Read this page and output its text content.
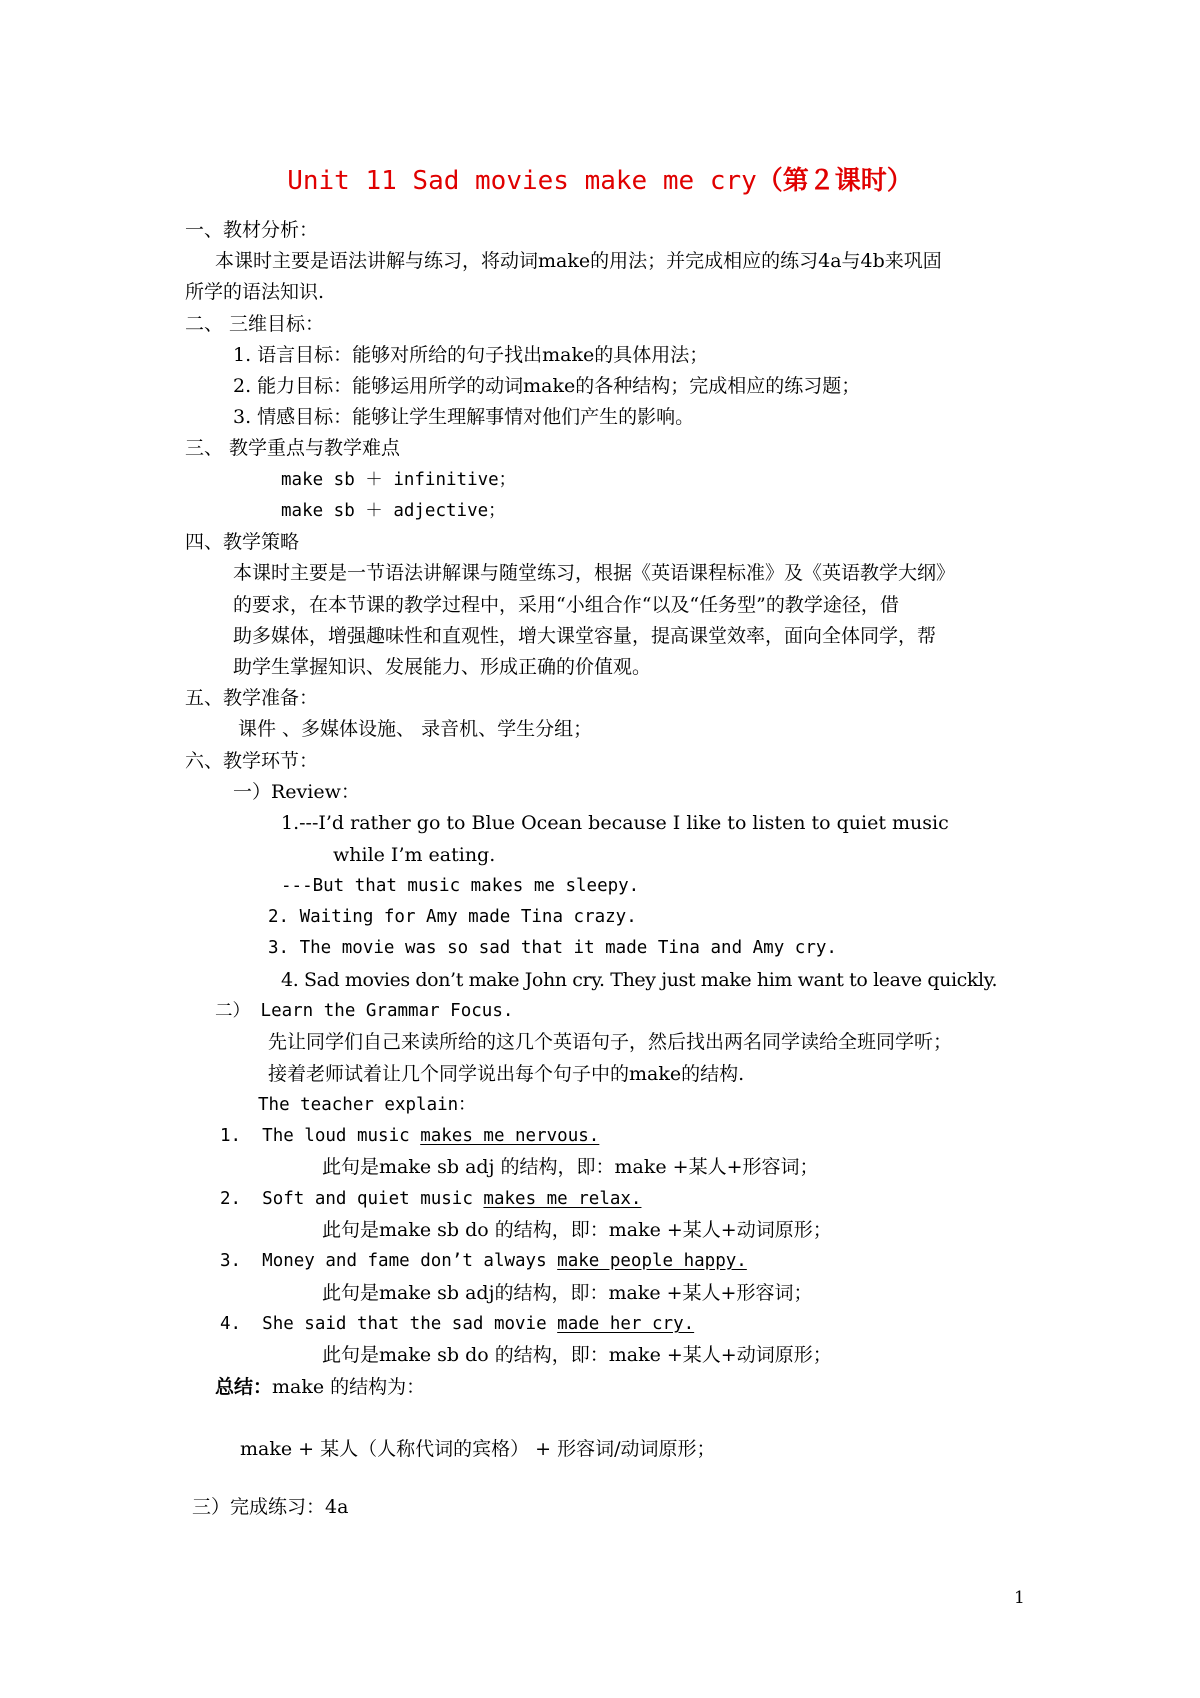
Unit 11 Sad movies make me cry（第２课时）
一、教材分析：
本课时主要是语法讲解与练习，将动词make的用法；并完成相应的练习4a与4b来巩固
所学的语法知识.
二、 三维目标：
1. 语言目标：能够对所给的句子找出make的具体用法；
2. 能力目标：能够运用所学的动词make的各种结构；完成相应的练习题；
3. 情感目标：能够让学生理解事情对他们产生的影响。
三、 教学重点与教学难点
make sb ＋ infinitive；
make sb ＋ adjective；
四、教学策略
本课时主要是一节语法讲解课与随堂练习，根据《英语课程标准》及《英语教学大纲》
的要求，在本节课的教学过程中，采用“小组合作“以及“任务型”的教学途径，借
助多媒体，增强趣味性和直观性，增大课堂容量，提高课堂效率，面向全体同学，帮
助学生掌握知识、发展能力、形成正确的价值观。
五、教学准备：
课件 、多媒体设施、 录音机、学生分组；
六、教学环节：
一）Review：
1.---I’d rather go to Blue Ocean because I like to listen to quiet music
while I’m eating.
---But that music makes me sleepy.
2. Waiting for Amy made Tina crazy.
3. The movie was so sad that it made Tina and Amy cry.
4. Sad movies don’t make John cry. They just make him want to leave quickly.
二） Learn the Grammar Focus.
先让同学们自己来读所给的这几个英语句子，然后找出两名同学读给全班同学听；
接着老师试着让几个同学说出每个句子中的make的结构.
The teacher explain：
1. The loud music makes me nervous.
此句是make sb adj 的结构，即：make +某人+形容词；
2. Soft and quiet music makes me relax.
此句是make sb do 的结构，即：make +某人+动词原形；
3. Money and fame don’t always make people happy.
此句是make sb adj的结构，即：make +某人+形容词；
4. She said that the sad movie made her cry.
此句是make sb do 的结构，即：make +某人+动词原形；
总结：make 的结构为：
make + 某人（人称代词的宾格） + 形容词/动词原形；
三）完成练习：4a
1
